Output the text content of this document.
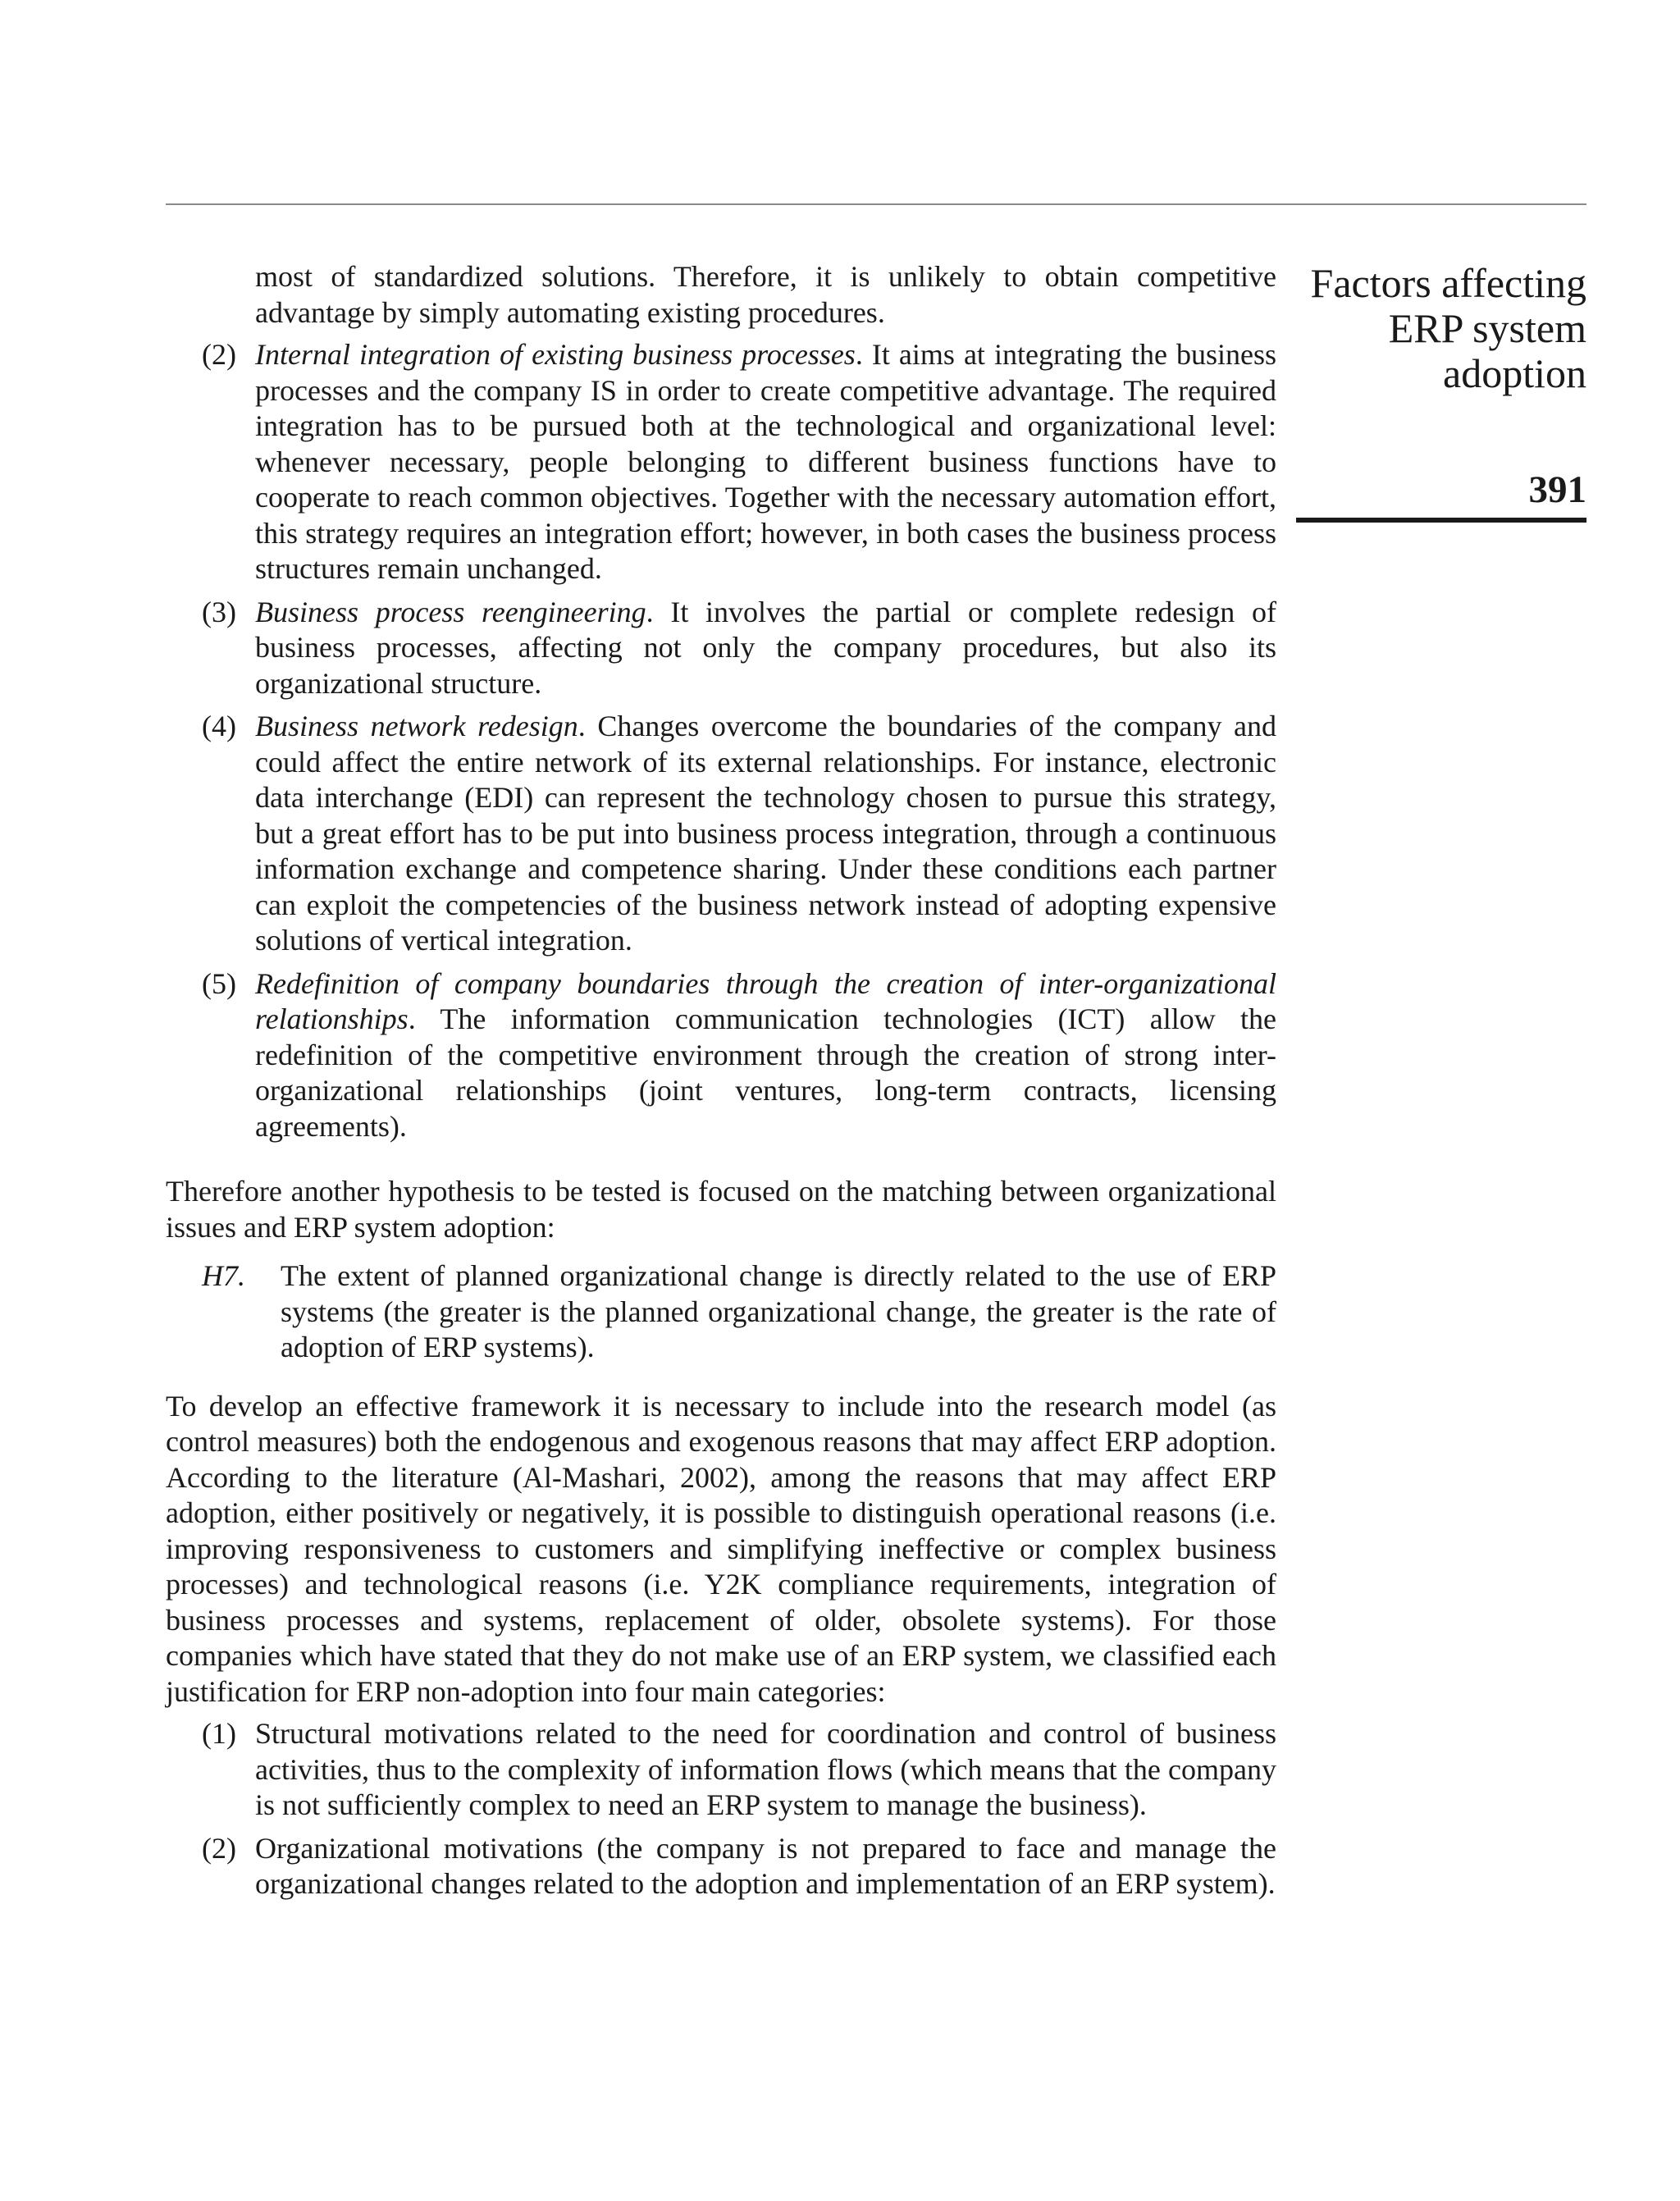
Factors affecting
ERP system
adoption
391
most of standardized solutions. Therefore, it is unlikely to obtain competitive advantage by simply automating existing procedures.
(2) Internal integration of existing business processes. It aims at integrating the business processes and the company IS in order to create competitive advantage. The required integration has to be pursued both at the technological and organizational level: whenever necessary, people belonging to different business functions have to cooperate to reach common objectives. Together with the necessary automation effort, this strategy requires an integration effort; however, in both cases the business process structures remain unchanged.
(3) Business process reengineering. It involves the partial or complete redesign of business processes, affecting not only the company procedures, but also its organizational structure.
(4) Business network redesign. Changes overcome the boundaries of the company and could affect the entire network of its external relationships. For instance, electronic data interchange (EDI) can represent the technology chosen to pursue this strategy, but a great effort has to be put into business process integration, through a continuous information exchange and competence sharing. Under these conditions each partner can exploit the competencies of the business network instead of adopting expensive solutions of vertical integration.
(5) Redefinition of company boundaries through the creation of inter-organizational relationships. The information communication technologies (ICT) allow the redefinition of the competitive environment through the creation of strong inter-organizational relationships (joint ventures, long-term contracts, licensing agreements).

Therefore another hypothesis to be tested is focused on the matching between organizational issues and ERP system adoption:

H7. The extent of planned organizational change is directly related to the use of ERP systems (the greater is the planned organizational change, the greater is the rate of adoption of ERP systems).

To develop an effective framework it is necessary to include into the research model (as control measures) both the endogenous and exogenous reasons that may affect ERP adoption. According to the literature (Al-Mashari, 2002), among the reasons that may affect ERP adoption, either positively or negatively, it is possible to distinguish operational reasons (i.e. improving responsiveness to customers and simplifying ineffective or complex business processes) and technological reasons (i.e. Y2K compliance requirements, integration of business processes and systems, replacement of older, obsolete systems). For those companies which have stated that they do not make use of an ERP system, we classified each justification for ERP non-adoption into four main categories:

(1) Structural motivations related to the need for coordination and control of business activities, thus to the complexity of information flows (which means that the company is not sufficiently complex to need an ERP system to manage the business).
(2) Organizational motivations (the company is not prepared to face and manage the organizational changes related to the adoption and implementation of an ERP system).
